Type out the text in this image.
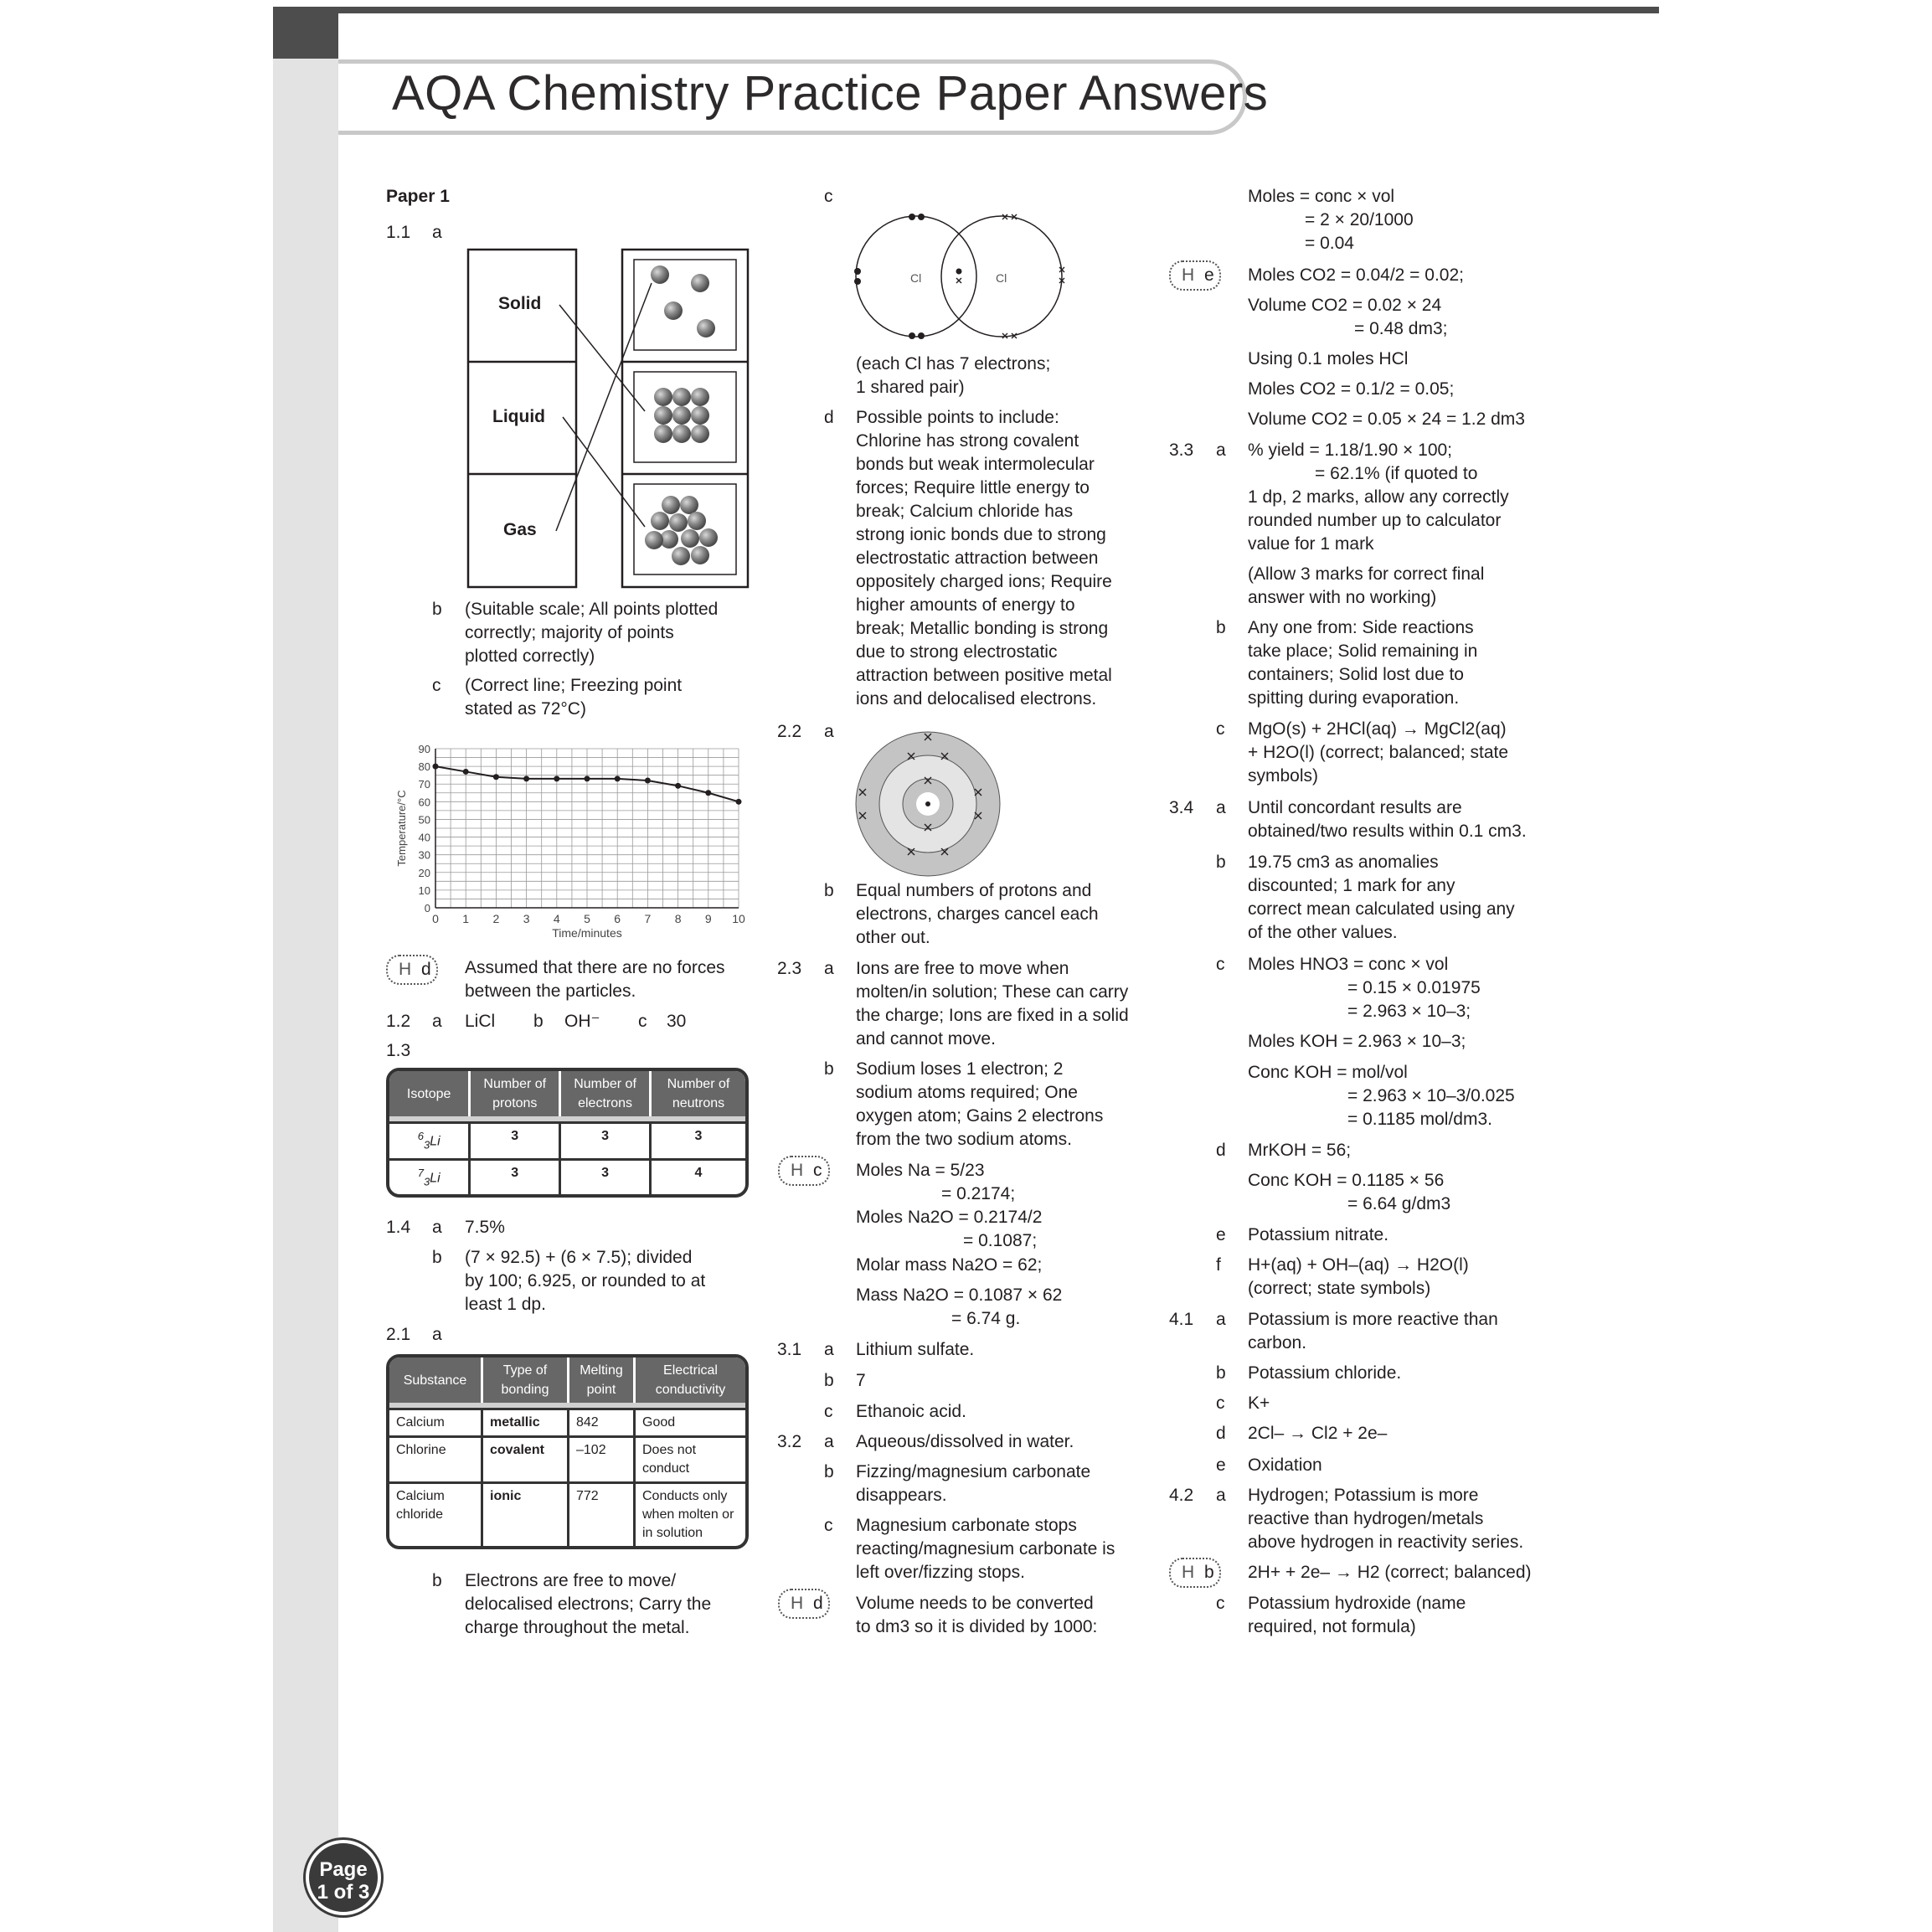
AQA Chemistry Practice Paper Answers
Paper 1
1.1 a
Solid
Liquid
Gas
b (Suitable scale; All points plotted
correctly; majority of points
plotted correctly)
c (Correct line; Freezing point
stated as 72°C)
0 1 2 3 4 5 6 7 8 9 10
0
10
20
30
40
50
60
70
80
90
Time/minutes
Temperature/°C
H d Assumed that there are no forces
between the particles.
1.2 a LiCl b OH⁻ c 30
1.3
Isotope	Number of protons	Number of electrons	Number of neutrons

$^6_3$Li	3	3	3
$^7_3$Li	3	3	4
1.4 a 7.5%
b (7 × 92.5) + (6 × 7.5); divided
by 100; 6.925, or rounded to at
least 1 dp.
2.1 a
Substance	Type of bonding	Melting point	Electrical conductivity

Calcium	metallic	842	Good
Chlorine	covalent	–102	Does not conduct
Calcium chloride	ionic	772	Conducts only when molten or in solution
b Electrons are free to move/
delocalised electrons; Carry the
charge throughout the metal.
c
Cl	Cl
(each Cl has 7 electrons;
1 shared pair)
d Possible points to include:
Chlorine has strong covalent
bonds but weak intermolecular
forces; Require little energy to
break; Calcium chloride has
strong ionic bonds due to strong
electrostatic attraction between
oppositely charged ions; Require
higher amounts of energy to
break; Metallic bonding is strong
due to strong electrostatic
attraction between positive metal
ions and delocalised electrons.
2.2 a
b Equal numbers of protons and
electrons, charges cancel each
other out.
2.3 a Ions are free to move when
molten/in solution; These can carry
the charge; Ions are fixed in a solid
and cannot move.
b Sodium loses 1 electron; 2
sodium atoms required; One
oxygen atom; Gains 2 electrons
from the two sodium atoms.
H c Moles Na = 5/23
= 0.2174;
Moles Na2O = 0.2174/2
= 0.1087;
Molar mass Na2O = 62;
Mass Na2O = 0.1087 × 62
= 6.74 g.
3.1 a Lithium sulfate.
b 7
c Ethanoic acid.
3.2 a Aqueous/dissolved in water.
b Fizzing/magnesium carbonate
disappears.
c Magnesium carbonate stops
reacting/magnesium carbonate is
left over/fizzing stops.
H d Volume needs to be converted
to dm3 so it is divided by 1000:
Moles = conc × vol
= 2 × 20/1000
= 0.04
H e Moles CO2 = 0.04/2 = 0.02;
Volume CO2 = 0.02 × 24
= 0.48 dm3;
Using 0.1 moles HCl
Moles CO2 = 0.1/2 = 0.05;
Volume CO2 = 0.05 × 24 = 1.2 dm3
3.3 a % yield = 1.18/1.90 × 100;
= 62.1% (if quoted to
1 dp, 2 marks, allow any correctly
rounded number up to calculator
value for 1 mark
(Allow 3 marks for correct final
answer with no working)
b Any one from: Side reactions
take place; Solid remaining in
containers; Solid lost due to
spitting during evaporation.
c MgO(s) + 2HCl(aq) → MgCl2(aq)
+ H2O(l) (correct; balanced; state
symbols)
3.4 a Until concordant results are
obtained/two results within 0.1 cm3.
b 19.75 cm3 as anomalies
discounted; 1 mark for any
correct mean calculated using any
of the other values.
c Moles HNO3 = conc × vol
= 0.15 × 0.01975
= 2.963 × 10–3;
Moles KOH = 2.963 × 10–3;
Conc KOH = mol/vol
= 2.963 × 10–3/0.025
= 0.1185 mol/dm3.
d MrKOH = 56;
Conc KOH = 0.1185 × 56
= 6.64 g/dm3
e Potassium nitrate.
f H+(aq) + OH–(aq) → H2O(l)
(correct; state symbols)
4.1 a Potassium is more reactive than
carbon.
b Potassium chloride.
c K+
d 2Cl– → Cl2 + 2e–
e Oxidation
4.2 a Hydrogen; Potassium is more
reactive than hydrogen/metals
above hydrogen in reactivity series.
H b 2H+ + 2e– → H2 (correct; balanced)
c Potassium hydroxide (name
required, not formula)
Page
1 of 3
